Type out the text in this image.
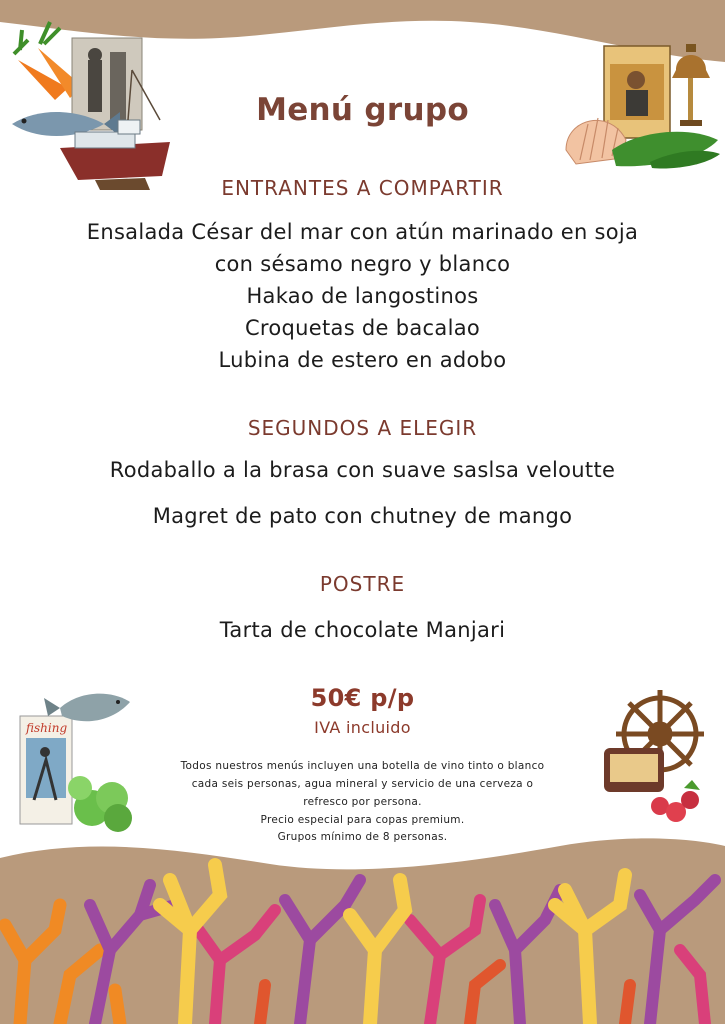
fishing
Menú grupo
ENTRANTES A COMPARTIR
Ensalada César del mar con atún marinado en soja
con sésamo negro y blanco
Hakao de langostinos
Croquetas de bacalao
Lubina de estero en adobo
SEGUNDOS A ELEGIR
Rodaballo a la brasa con suave saslsa veloutte
Magret de pato con chutney de mango
POSTRE
Tarta de chocolate Manjari
50€ p/p
IVA incluido
Todos nuestros menús incluyen una botella de vino tinto o blanco
cada seis personas, agua mineral y servicio de una cerveza o
refresco por persona.
Precio especial para copas premium.
Grupos mínimo de 8 personas.
